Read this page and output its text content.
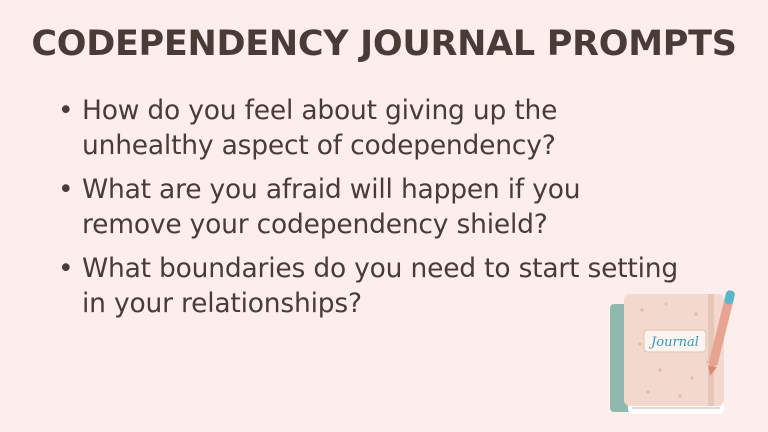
CODEPENDENCY JOURNAL PROMPTS
• How do you feel about giving up the unhealthy aspect of codependency?
• What are you afraid will happen if you remove your codependency shield?
• What boundaries do you need to start setting in your relationships?
Journal
